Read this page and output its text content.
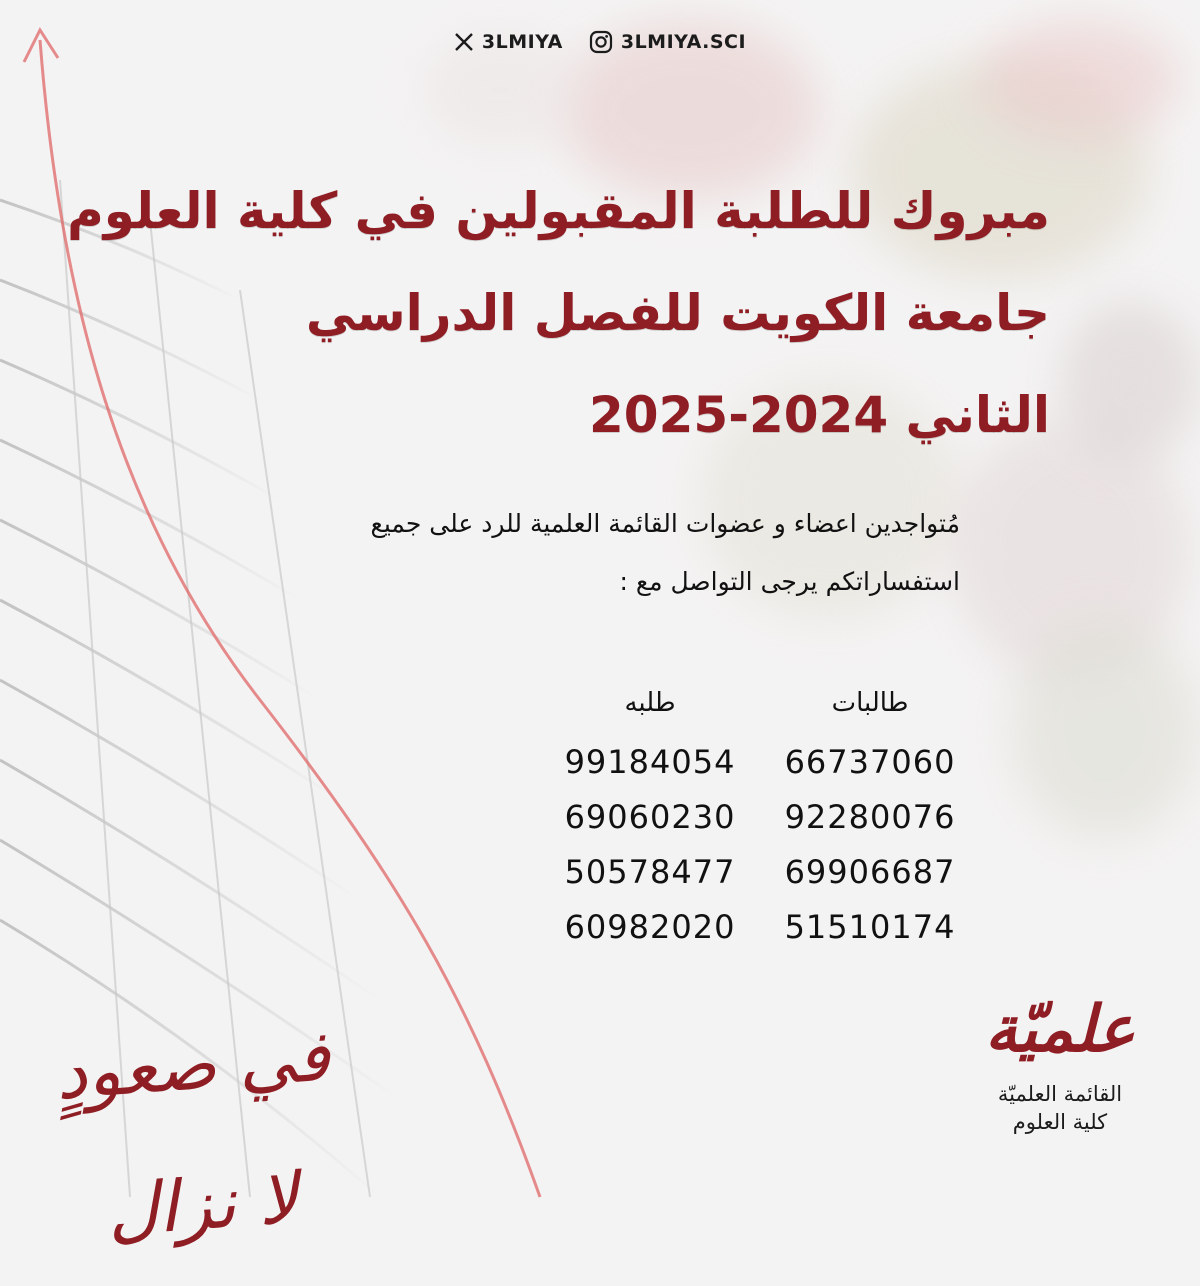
3LMIYA	3LMIYA.SCI
مبروك للطلبة المقبولين في كلية العلوم
جامعة الكويت للفصل الدراسي
الثاني 2024-2025
مُتواجدين اعضاء و عضوات القائمة العلمية للرد على جميع
استفساراتكم يرجى التواصل مع :
طالبات
66737060
92280076
69906687
51510174
طلبه
99184054
69060230
50578477
60982020
في صعودٍ لا نزال
علميّة
القائمة العلميّة
كلية العلوم
